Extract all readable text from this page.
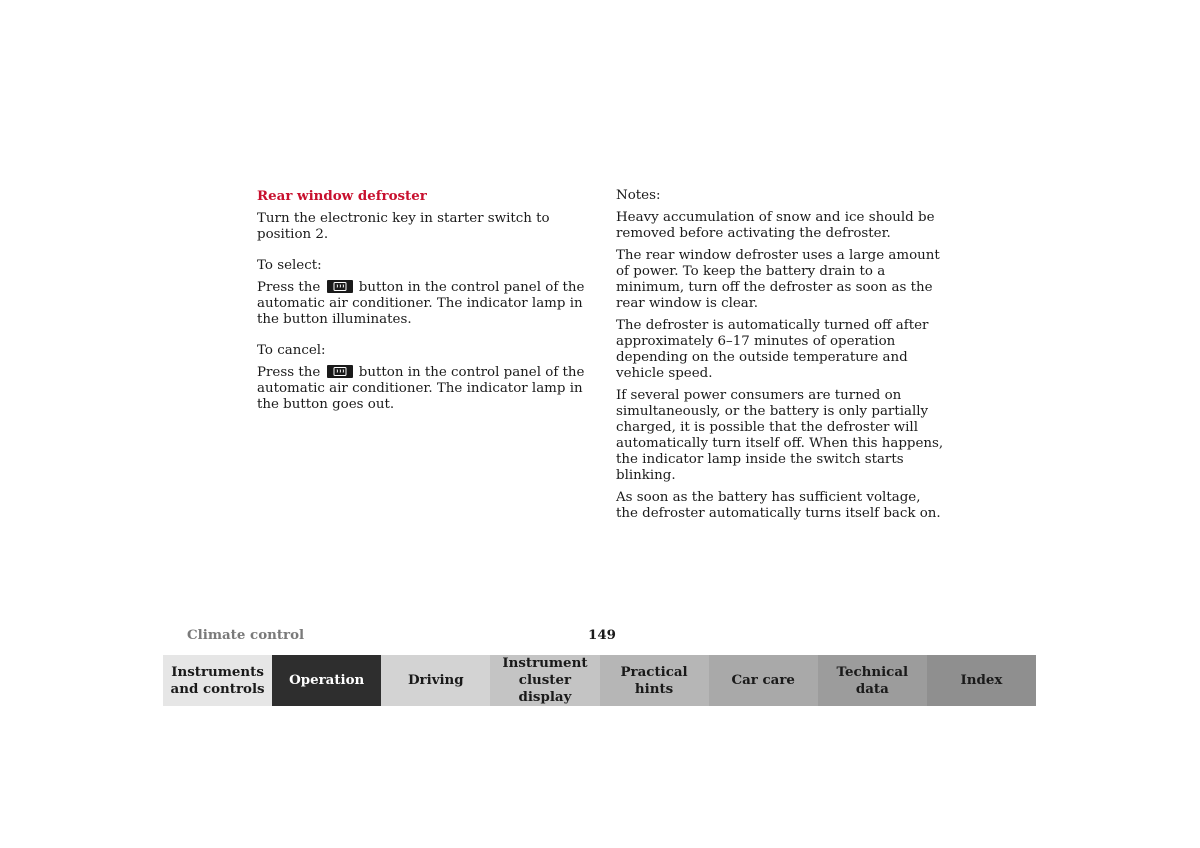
Rear window defroster

Turn the electronic key in starter switch to position 2.

To select:

Press the	button in the control panel of the automatic air conditioner. The indicator lamp in the button illuminates.

To cancel:

Press the	button in the control panel of the automatic air conditioner. The indicator lamp in the button goes out.

Notes:

Heavy accumulation of snow and ice should be removed before activating the defroster.

The rear window defroster uses a large amount of power. To keep the battery drain to a minimum, turn off the defroster as soon as the rear window is clear.

The defroster is automatically turned off after approximately 6–17 minutes of operation depending on the outside temperature and vehicle speed.

If several power consumers are turned on simultaneously, or the battery is only partially charged, it is possible that the defroster will automatically turn itself off. When this happens, the indicator lamp inside the switch starts blinking.

As soon as the battery has sufficient voltage, the defroster automatically turns itself back on.

Climate control	149
Instruments
and controls
Operation	Driving
Instrument
cluster display
Practical hints
Car care
Technical
data
Index
